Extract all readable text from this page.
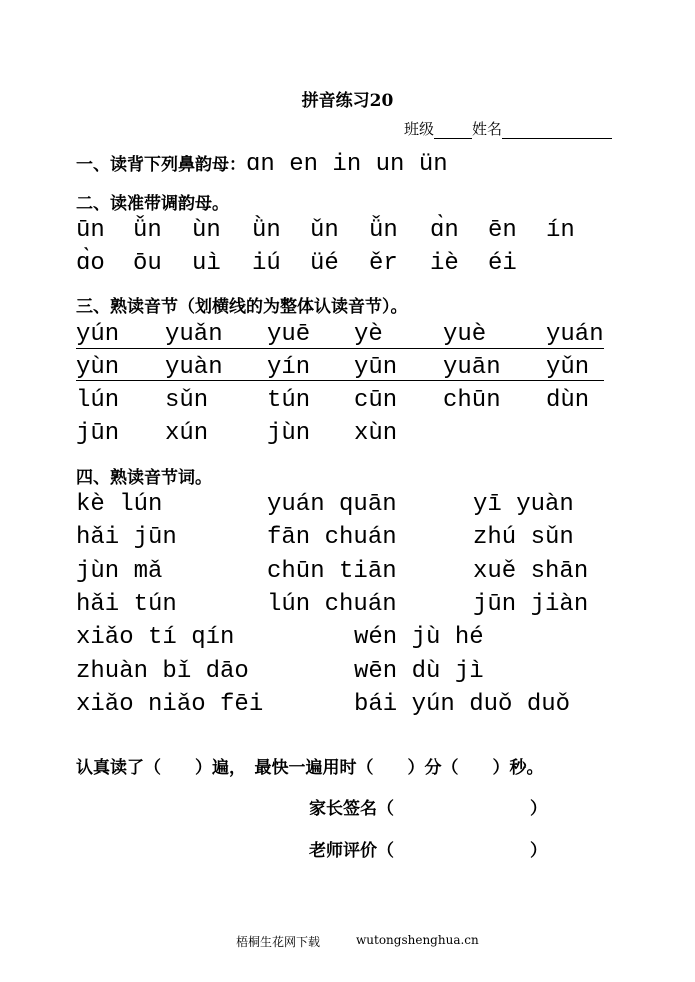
拼音练习20
班级	姓名
一、读背下列鼻韵母：ɑn en in un ün
二、读准带调韵母。
ūn ǚn ùn ǜn ǔn ǚn ɑ̀n ēn ín
ɑ̀o ōu uì iú üé ěr iè éi
三、熟读音节（划横线的为整体认读音节）。
yún yuǎn yuē yè	yuè yuán
yùn yuàn yín yūn yuān yǔn
lún sǔn tún cūn chūn dùn
jūn xún jùn xùn
四、熟读音节词。
kè lún	yuán quān	yī yuàn
hǎi jūn	fān chuán	zhú sǔn
jùn mǎ	chūn tiān	xuě shān
hǎi tún	lún chuán	jūn jiàn
xiǎo tí qín	wén jù hé
zhuàn bǐ dāo	wēn dù jì
xiǎo niǎo fēi	bái yún duǒ duǒ
认真读了（　　）遍，　最快一遍用时（　　）分（　　）秒。
家长签名（　　　　　　　　）
老师评价（　　　　　　　　）
梧桐生花网下载	wutongshenghua.cn
